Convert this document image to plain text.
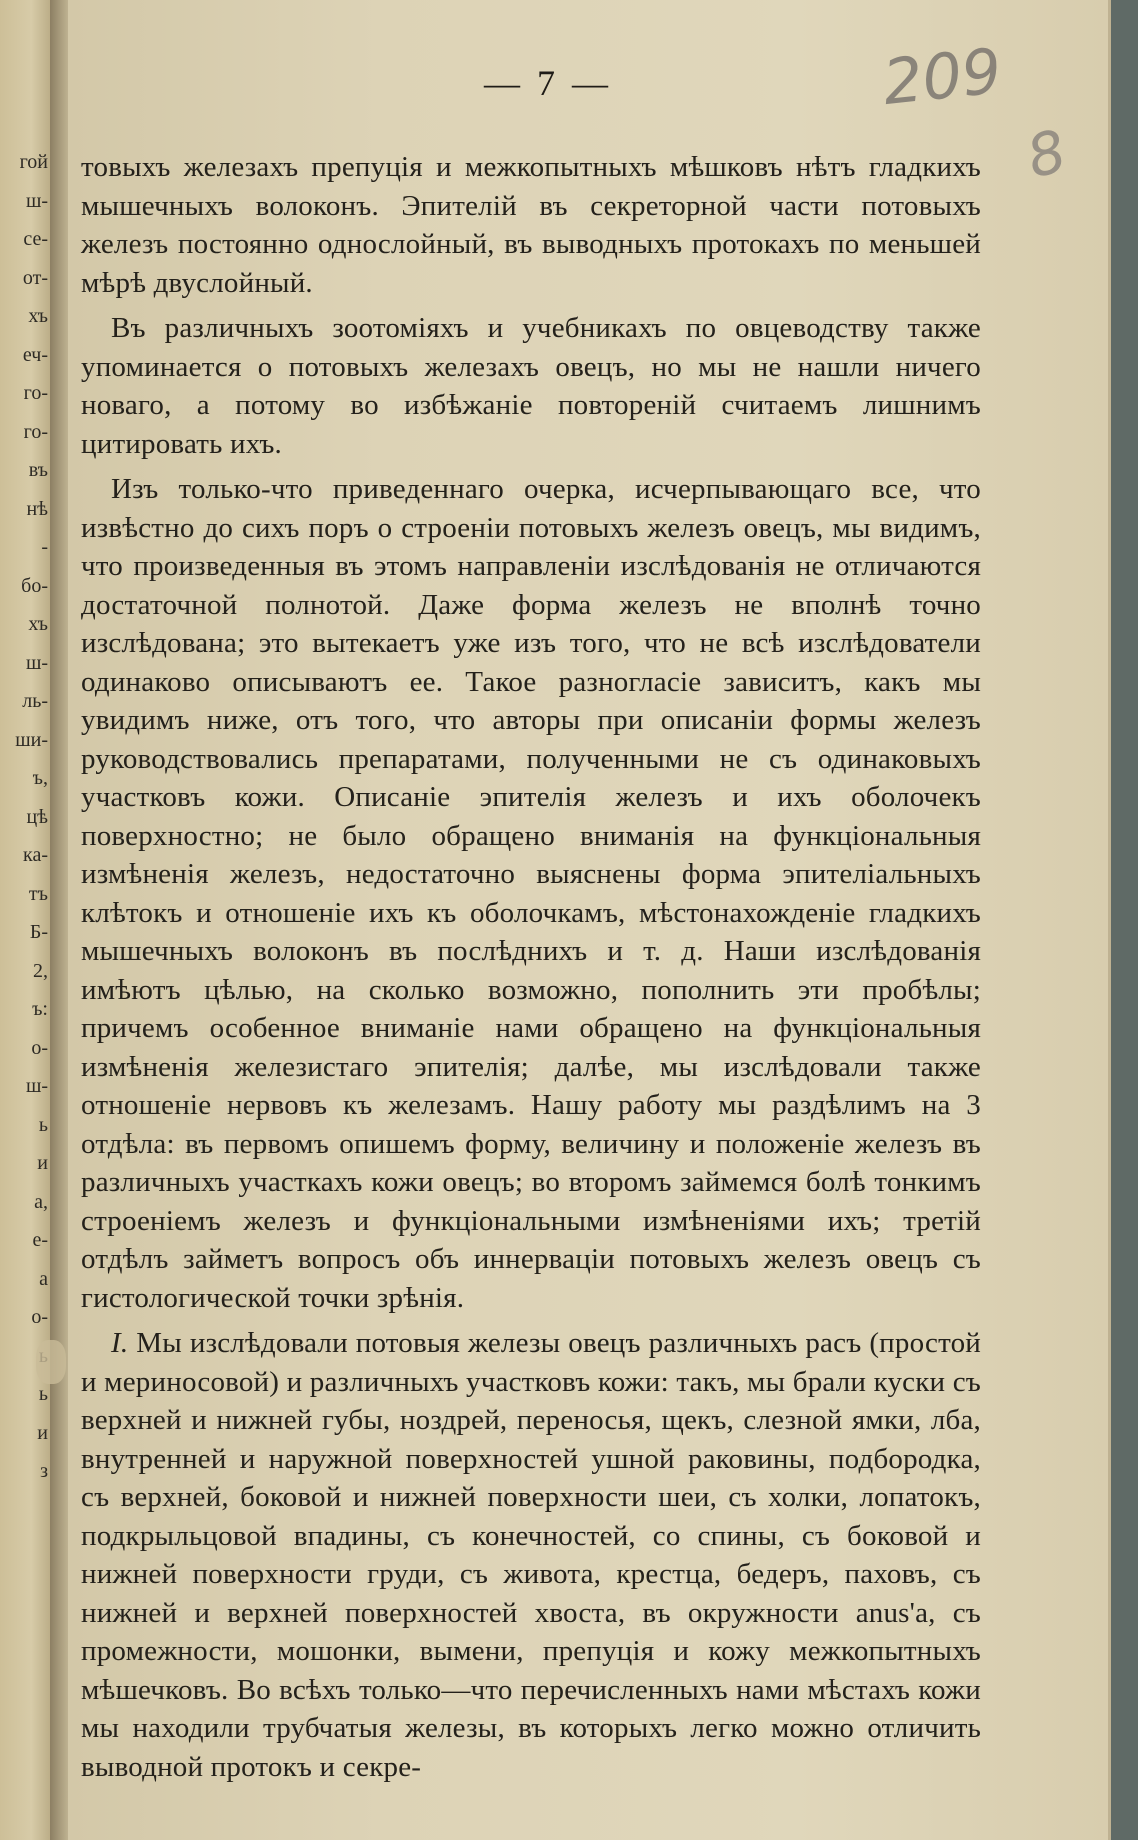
гой
ш-
се-
от-
хъ
еч-
го-
го-
въ
нѣ
-
бо-
хъ
ш-
ль-
ши-
ъ,
цѣ
ка-
тъ
Б-
2,
ъ:
о-
ш-
ь
и
а,
е-
а
о-
ь
и
з
— 7 —	209
8

товыхъ железахъ препуція и межкопытныхъ мѣшковъ нѣтъ гладкихъ мышечныхъ волоконъ. Эпителій въ секреторной части потовыхъ железъ постоянно однослойный, въ выводныхъ протокахъ по меньшей мѣрѣ двуслойный.

Въ различныхъ зоотоміяхъ и учебникахъ по овцеводству также упоминается о потовыхъ железахъ овецъ, но мы не нашли ничего новаго, а потому во избѣжаніе повтореній считаемъ лишнимъ цитировать ихъ.

Изъ только-что приведеннаго очерка, исчерпывающаго все, что извѣстно до сихъ поръ о строеніи потовыхъ железъ овецъ, мы видимъ, что произведенныя въ этомъ направленіи изслѣдованія не отличаются достаточной полнотой. Даже форма железъ не вполнѣ точно изслѣдована; это вытекаетъ уже изъ того, что не всѣ изслѣдователи одинаково описываютъ ее. Такое разногласіе зависитъ, какъ мы увидимъ ниже, отъ того, что авторы при описаніи формы железъ руководствовались препаратами, полученными не съ одинаковыхъ участковъ кожи. Описаніе эпителія железъ и ихъ оболочекъ поверхностно; не было обращено вниманія на функціональныя измѣненія железъ, недостаточно выяснены форма эпителіальныхъ клѣтокъ и отношеніе ихъ къ оболочкамъ, мѣстонахожденіе гладкихъ мышечныхъ волоконъ въ послѣднихъ и т. д. Наши изслѣдованія имѣютъ цѣлью, на сколько возможно, пополнить эти пробѣлы; причемъ особенное вниманіе нами обращено на функціональныя измѣненія железистаго эпителія; далѣе, мы изслѣдовали также отношеніе нервовъ къ железамъ. Нашу работу мы раздѣлимъ на 3 отдѣла: въ первомъ опишемъ форму, величину и положеніе железъ въ различныхъ участкахъ кожи овецъ; во второмъ займемся болѣ тонкимъ строеніемъ железъ и функціональными измѣненіями ихъ; третій отдѣлъ займетъ вопросъ объ иннерваціи потовыхъ железъ овецъ съ гистологической точки зрѣнія.

I. Мы изслѣдовали потовыя железы овецъ различныхъ расъ (простой и мериносовой) и различныхъ участковъ кожи: такъ, мы брали куски съ верхней и нижней губы, ноздрей, переносья, щекъ, слезной ямки, лба, внутренней и наружной поверхностей ушной раковины, подбородка, съ верхней, боковой и нижней поверхности шеи, съ холки, лопатокъ, подкрыльцовой впадины, съ конечностей, со спины, съ боковой и нижней поверхности груди, съ живота, крестца, бедеръ, паховъ, съ нижней и верхней поверхностей хвоста, въ окружности anus'а, съ промежности, мошонки, вымени, препуція и кожу межкопытныхъ мѣшечковъ. Во всѣхъ только—что перечисленныхъ нами мѣстахъ кожи мы находили трубчатыя железы, въ которыхъ легко можно отличить выводной протокъ и секре-
